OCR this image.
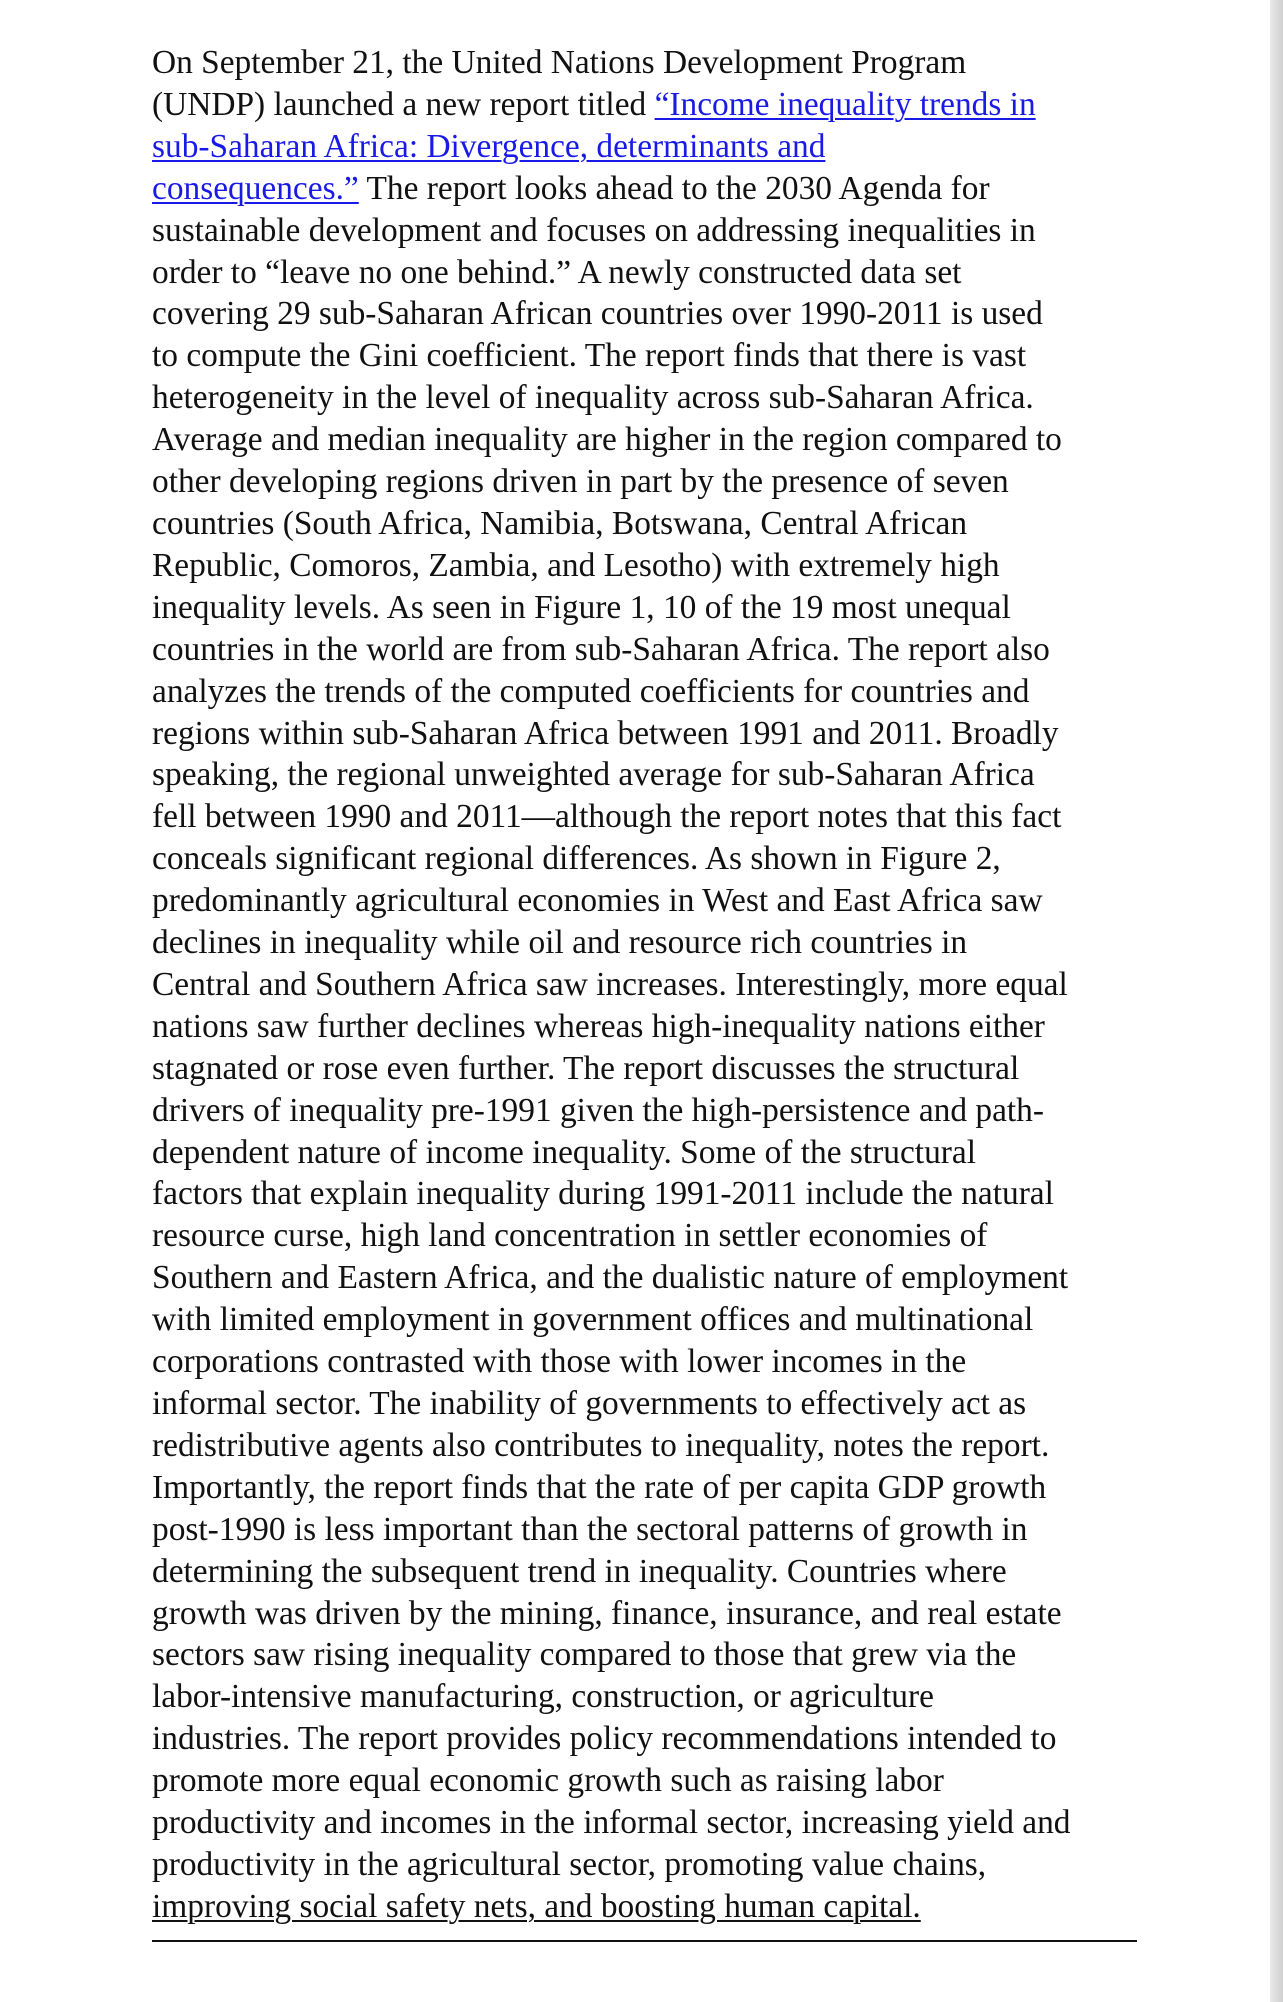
On September 21, the United Nations Development Program
(UNDP) launched a new report titled “Income inequality trends in
sub-Saharan Africa: Divergence, determinants and
consequences.” The report looks ahead to the 2030 Agenda for
sustainable development and focuses on addressing inequalities in
order to “leave no one behind.” A newly constructed data set
covering 29 sub-Saharan African countries over 1990-2011 is used
to compute the Gini coefficient. The report finds that there is vast
heterogeneity in the level of inequality across sub-Saharan Africa.
Average and median inequality are higher in the region compared to
other developing regions driven in part by the presence of seven
countries (South Africa, Namibia, Botswana, Central African
Republic, Comoros, Zambia, and Lesotho) with extremely high
inequality levels. As seen in Figure 1, 10 of the 19 most unequal
countries in the world are from sub-Saharan Africa. The report also
analyzes the trends of the computed coefficients for countries and
regions within sub-Saharan Africa between 1991 and 2011. Broadly
speaking, the regional unweighted average for sub-Saharan Africa
fell between 1990 and 2011—although the report notes that this fact
conceals significant regional differences. As shown in Figure 2,
predominantly agricultural economies in West and East Africa saw
declines in inequality while oil and resource rich countries in
Central and Southern Africa saw increases. Interestingly, more equal
nations saw further declines whereas high-inequality nations either
stagnated or rose even further. The report discusses the structural
drivers of inequality pre-1991 given the high-persistence and path-
dependent nature of income inequality. Some of the structural
factors that explain inequality during 1991-2011 include the natural
resource curse, high land concentration in settler economies of
Southern and Eastern Africa, and the dualistic nature of employment
with limited employment in government offices and multinational
corporations contrasted with those with lower incomes in the
informal sector. The inability of governments to effectively act as
redistributive agents also contributes to inequality, notes the report.
Importantly, the report finds that the rate of per capita GDP growth
post-1990 is less important than the sectoral patterns of growth in
determining the subsequent trend in inequality. Countries where
growth was driven by the mining, finance, insurance, and real estate
sectors saw rising inequality compared to those that grew via the
labor-intensive manufacturing, construction, or agriculture
industries. The report provides policy recommendations intended to
promote more equal economic growth such as raising labor
productivity and incomes in the informal sector, increasing yield and
productivity in the agricultural sector, promoting value chains,
improving social safety nets, and boosting human capital.
